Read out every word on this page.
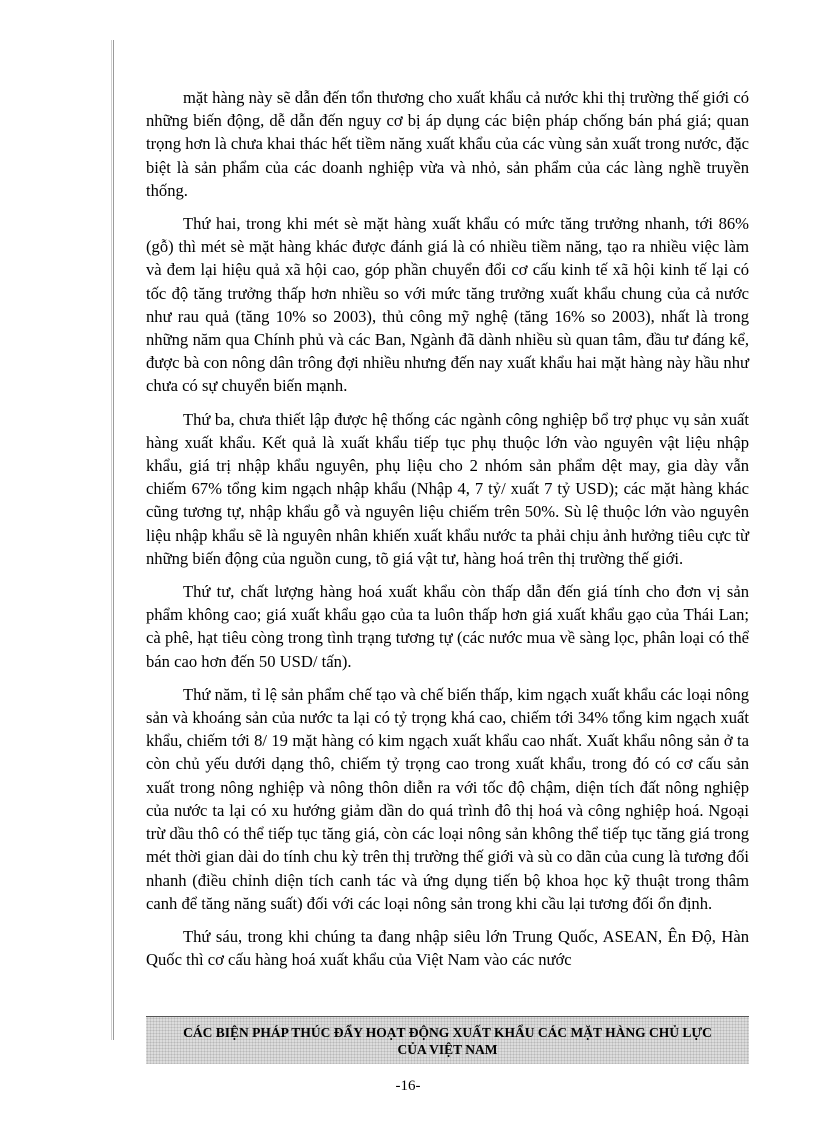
mặt hàng này sẽ dẫn đến tổn thương cho xuất khẩu cả nước khi thị trường thế giới có những biến động, dễ dẫn đến nguy cơ bị áp dụng các biện pháp chống bán phá giá; quan trọng hơn là chưa khai thác hết tiềm năng xuất khẩu của các vùng sản xuất trong nước, đặc biệt là sản phẩm của các doanh nghiệp vừa và nhỏ, sản phẩm của các làng nghề truyền thống.

Thứ hai, trong khi mét sè mặt hàng xuất khẩu có mức tăng trưởng nhanh, tới 86% (gỗ) thì mét sè mặt hàng khác được đánh giá là có nhiều tiềm năng, tạo ra nhiều việc làm và đem lại hiệu quả xã hội cao, góp phần chuyển đổi cơ cấu kinh tế xã hội kinh tế lại có tốc độ tăng trưởng thấp hơn nhiều so với mức tăng trưởng xuất khẩu chung của cả nước như rau quả (tăng 10% so 2003), thủ công mỹ nghệ (tăng 16% so 2003), nhất là trong những năm qua Chính phủ và các Ban, Ngành đã dành nhiều sù quan tâm, đầu tư đáng kể, được bà con nông dân trông đợi nhiều nhưng đến nay xuất khẩu hai mặt hàng này hầu như chưa có sự chuyển biến mạnh.

Thứ ba, chưa thiết lập được hệ thống các ngành công nghiệp bổ trợ phục vụ sản xuất hàng xuất khẩu. Kết quả là xuất khẩu tiếp tục phụ thuộc lớn vào nguyên vật liệu nhập khẩu, giá trị nhập khẩu nguyên, phụ liệu cho 2 nhóm sản phẩm dệt may, gia dày vẫn chiếm 67% tổng kim ngạch nhập khẩu (Nhập 4, 7 tỷ/ xuất 7 tỷ USD); các mặt hàng khác cũng tương tự, nhập khẩu gỗ và nguyên liệu chiếm trên 50%. Sù lệ thuộc lớn vào nguyên liệu nhập khẩu sẽ là nguyên nhân khiến xuất khẩu nước ta phải chịu ảnh hưởng tiêu cực từ những biến động của nguồn cung, tõ giá vật tư, hàng hoá trên thị trường thế giới.

Thứ tư, chất lượng hàng hoá xuất khẩu còn thấp dẫn đến giá tính cho đơn vị sản phẩm không cao; giá xuất khẩu gạo của ta luôn thấp hơn giá xuất khẩu gạo của Thái Lan; cà phê, hạt tiêu còng trong tình trạng tương tự (các nước mua về sàng lọc, phân loại có thể bán cao hơn đến 50 USD/ tấn).

Thứ năm, tỉ lệ sản phẩm chế tạo và chế biến thấp, kim ngạch xuất khẩu các loại nông sản và khoáng sản của nước ta lại có tỷ trọng khá cao, chiếm tới 34% tổng kim ngạch xuất khẩu, chiếm tới 8/ 19 mặt hàng có kim ngạch xuất khẩu cao nhất. Xuất khẩu nông sản ở ta còn chủ yếu dưới dạng thô, chiếm tỷ trọng cao trong xuất khẩu, trong đó có cơ cấu sản xuất trong nông nghiệp và nông thôn diễn ra với tốc độ chậm, diện tích đất nông nghiệp của nước ta lại có xu hướng giảm dần do quá trình đô thị hoá và công nghiệp hoá. Ngoại trừ dầu thô có thể tiếp tục tăng giá, còn các loại nông sản không thể tiếp tục tăng giá trong mét thời gian dài do tính chu kỳ trên thị trường thế giới và sù co dãn của cung là tương đối nhanh (điều chỉnh diện tích canh tác và ứng dụng tiến bộ khoa học kỹ thuật trong thâm canh để tăng năng suất) đối với các loại nông sản trong khi cầu lại tương đối ổn định.

Thứ sáu, trong khi chúng ta đang nhập siêu lớn Trung Quốc, ASEAN, Ên Độ, Hàn Quốc thì cơ cấu hàng hoá xuất khẩu của Việt Nam vào các nước

CÁC BIỆN PHÁP THÚC ĐẨY HOẠT ĐỘNG XUẤT KHẨU CÁC MẶT HÀNG CHỦ LỰC
CỦA VIỆT NAM
-16-
